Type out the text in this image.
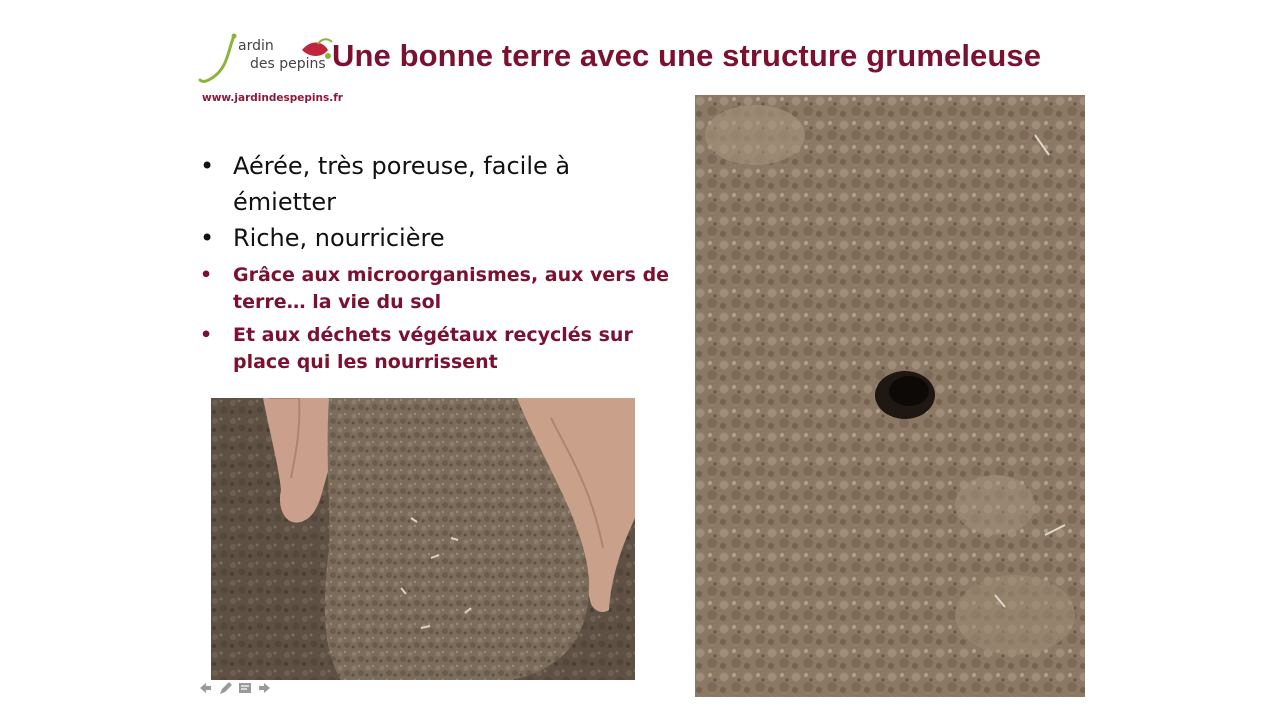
ardin
des pepins
www.jardindespepins.fr
Une bonne terre avec une structure grumeleuse
• Aérée, très poreuse, facile à émietter
• Riche, nourricière
• Grâce aux microorganismes, aux vers de terre… la vie du sol
• Et aux déchets végétaux recyclés sur place qui les nourrissent
